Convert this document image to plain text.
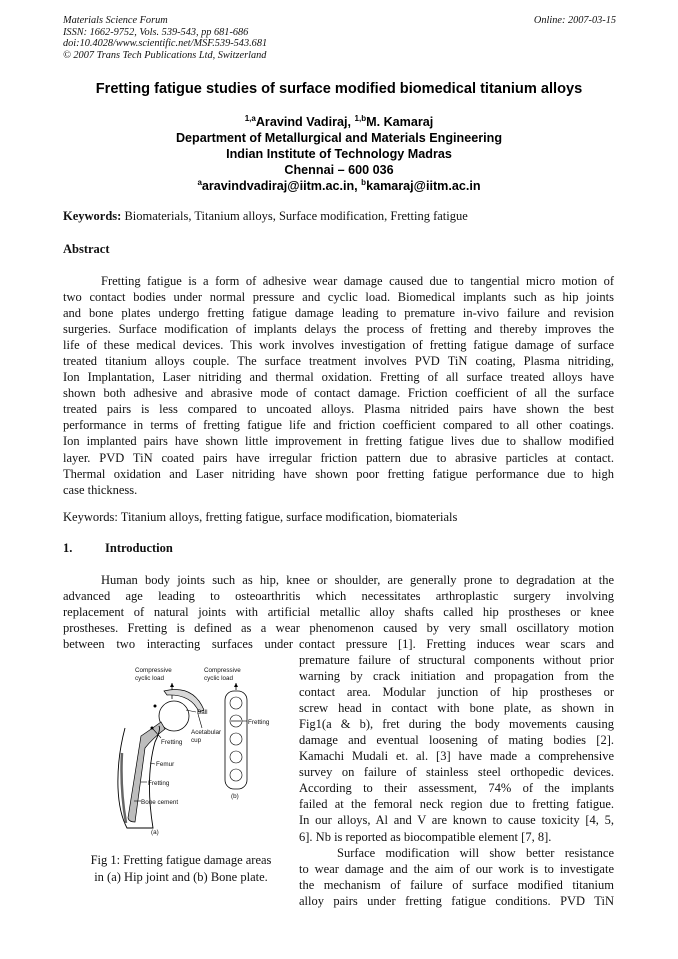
Materials Science Forum
ISSN: 1662-9752, Vols. 539-543, pp 681-686
doi:10.4028/www.scientific.net/MSF.539-543.681
© 2007 Trans Tech Publications Ltd, Switzerland
Online: 2007-03-15
Fretting fatigue studies of surface modified biomedical titanium alloys
$^{1,a}$Aravind Vadiraj, $^{1,b}$M. Kamaraj
Department of Metallurgical and Materials Engineering
Indian Institute of Technology Madras
Chennai – 600 036
$^a$aravindvadiraj@iitm.ac.in, $^b$kamaraj@iitm.ac.in
Keywords: Biomaterials, Titanium alloys, Surface modification, Fretting fatigue
Abstract
Fretting fatigue is a form of adhesive wear damage caused due to tangential micro motion of
two contact bodies under normal pressure and cyclic load. Biomedical implants such as hip joints
and bone plates undergo fretting fatigue damage leading to premature in-vivo failure and revision
surgeries. Surface modification of implants delays the process of fretting and thereby improves the
life of these medical devices. This work involves investigation of fretting fatigue damage of surface
treated titanium alloys couple. The surface treatment involves PVD TiN coating, Plasma nitriding,
Ion Implantation, Laser nitriding and thermal oxidation. Fretting of all surface treated alloys have
shown both adhesive and abrasive mode of contact damage. Friction coefficient of all the surface
treated pairs is less compared to uncoated alloys. Plasma nitrided pairs have shown the best
performance in terms of fretting fatigue life and friction coefficient compared to all other coatings.
Ion implanted pairs have shown little improvement in fretting fatigue lives due to shallow modified
layer. PVD TiN coated pairs have irregular friction pattern due to abrasive particles at contact.
Thermal oxidation and Laser nitriding have shown poor fretting fatigue performance due to high
case thickness.
Keywords: Titanium alloys, fretting fatigue, surface modification, biomaterials
1.	Introduction
Human body joints such as hip, knee or shoulder, are generally prone to degradation at the
advanced age leading to osteoarthritis which necessitates arthroplastic surgery involving
replacement of natural joints with artificial metallic alloy shafts called hip prostheses or knee
prostheses. Fretting is defined as a wear phenomenon caused by very small oscillatory motion
between two interacting surfaces under contact pressure [1]. Fretting induces wear scars and
premature failure of structural components without prior
warning by crack initiation and propagation from the
contact area. Modular junction of hip prostheses or
screw head in contact with bone plate, as shown in
Fig1(a & b), fret during the body movements causing
damage and eventual loosening of mating bodies [2].
Kamachi Mudali et. al. [3] have made a comprehensive
survey on failure of stainless steel orthopedic devices.
According to their assessment, 74% of the implants
failed at the femoral neck region due to fretting fatigue.
In our alloys, Al and V are known to cause toxicity [4, 5,
6]. Nb is reported as biocompatible element [7, 8].
Surface modification will show better resistance
to wear damage and the aim of our work is to investigate
the mechanism of failure of surface modified titanium
alloy pairs under fretting fatigue conditions. PVD TiN
Compressive
cyclic load
Ball
Acetabular
cup
Fretting
Femur
Fretting
Bone cement
(a)
Compressive
cyclic load
Fretting
(b)
Fig 1: Fretting fatigue damage areas
in (a) Hip joint and (b) Bone plate.
